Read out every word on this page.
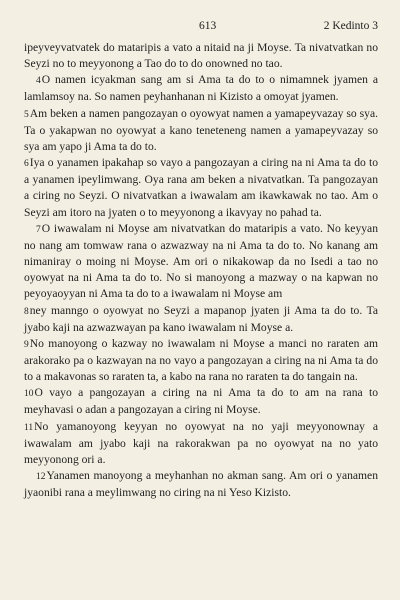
613	2 Kedinto 3

ipeyveyvatvatek do mataripis a vato a nitaid na ji Moyse. Ta nivatvatkan no Seyzi no to meyyonong a Tao do to do onowned no tao.

4O namen icyakman sang am si Ama ta do to o nimamnek jyamen a lamlamsoy na. So namen peyhanhanan ni Kizisto a omoyat jyamen.

5Am beken a namen pangozayan o oyowyat namen a yamapeyvazay so sya. Ta o yakapwan no oyowyat a kano teneteneng namen a yamapeyvazay so sya am yapo ji Ama ta do to.

6Iya o yanamen ipakahap so vayo a pangozayan a ciring na ni Ama ta do to a yanamen ipeylimwang. Oya rana am beken a nivatvatkan. Ta pangozayan a ciring no Seyzi. O nivatvatkan a iwawalam am ikawkawak no tao. Am o Seyzi am itoro na jyaten o to meyyonong a ikavyay no pahad ta.

7O iwawalam ni Moyse am nivatvatkan do mataripis a vato. No keyyan no nang am tomwaw rana o azwazway na ni Ama ta do to. No kanang am nimaniray o moing ni Moyse. Am ori o nikakowap da no Isedi a tao no oyowyat na ni Ama ta do to. No si manoyong a mazway o na kapwan no peyoyaoyyan ni Ama ta do to a iwawalam ni Moyse am

8ney manngo o oyowyat no Seyzi a mapanop jyaten ji Ama ta do to. Ta jyabo kaji na azwazwayan pa kano iwawalam ni Moyse a.

9No manoyong o kazway no iwawalam ni Moyse a manci no raraten am arakorako pa o kazwayan na no vayo a pangozayan a ciring na ni Ama ta do to a makavonas so raraten ta, a kabo na rana no raraten ta do tangain na.

10O vayo a pangozayan a ciring na ni Ama ta do to am na rana to meyhavasi o adan a pangozayan a ciring ni Moyse.

11No yamanoyong keyyan no oyowyat na no yaji meyyonownay a iwawalam am jyabo kaji na rakorakwan pa no oyowyat na no yato meyyonong ori a.

12Yanamen manoyong a meyhanhan no akman sang. Am ori o yanamen jyaonibi rana a meylimwang no ciring na ni Yeso Kizisto.
